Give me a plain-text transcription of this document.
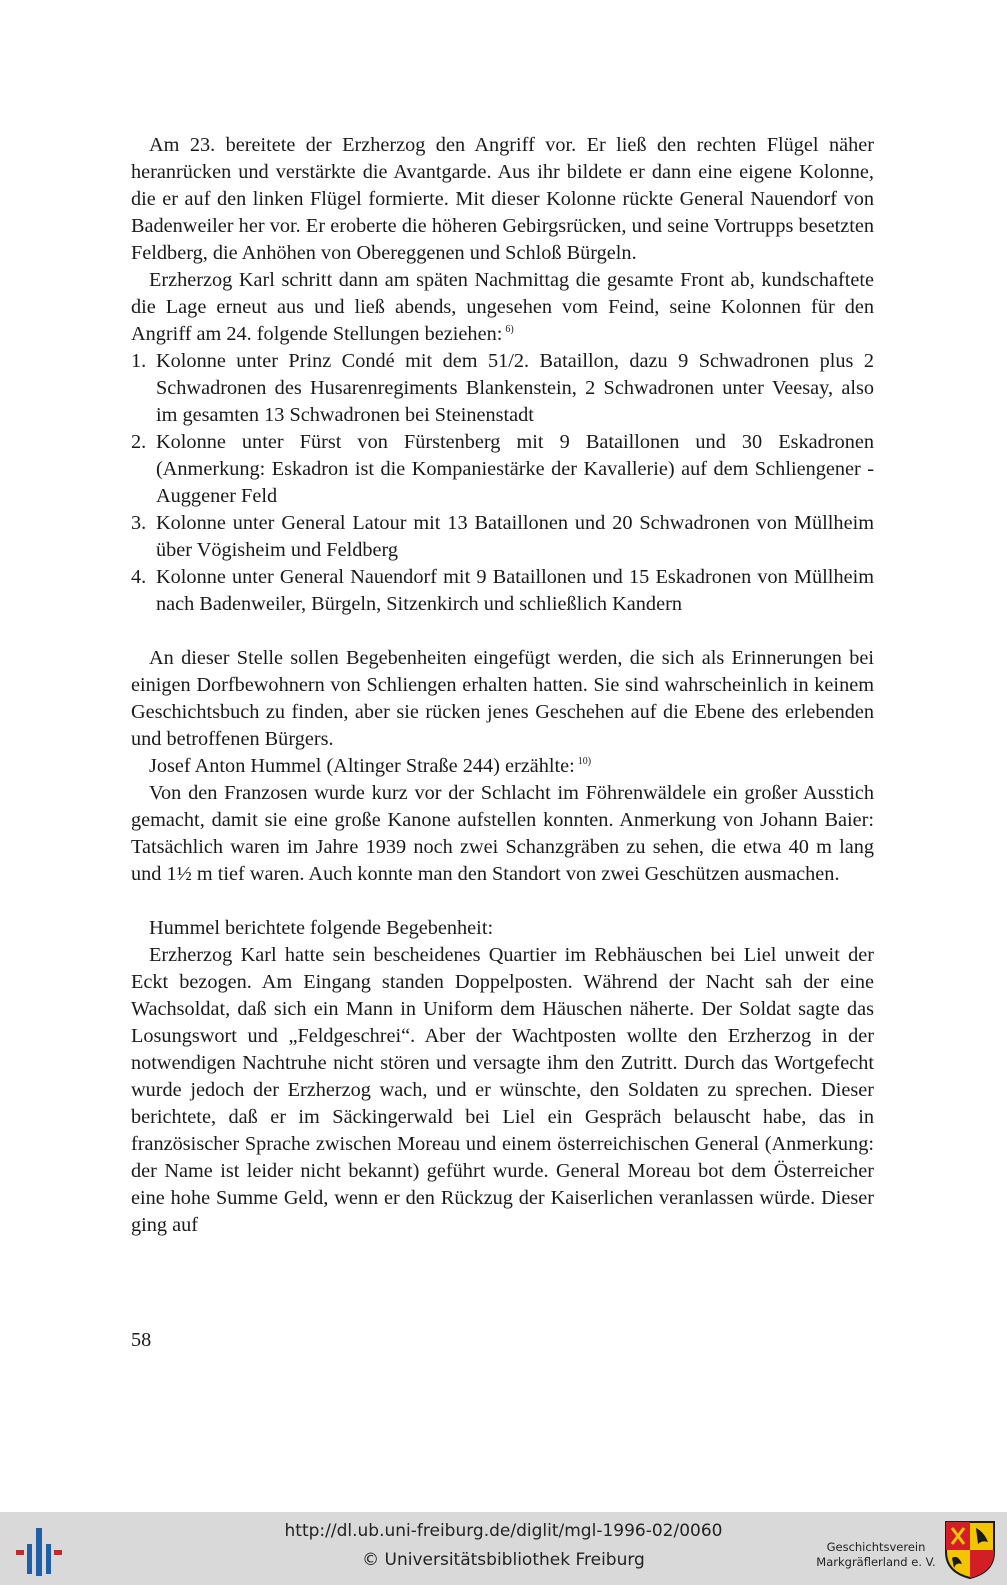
Am 23. bereitete der Erzherzog den Angriff vor. Er ließ den rechten Flügel näher heranrücken und verstärkte die Avantgarde. Aus ihr bildete er dann eine eigene Kolonne, die er auf den linken Flügel formierte. Mit dieser Kolonne rückte General Nauendorf von Badenweiler her vor. Er eroberte die höheren Gebirgsrücken, und seine Vortrupps besetzten Feldberg, die Anhöhen von Obereggenen und Schloß Bürgeln.

Erzherzog Karl schritt dann am späten Nachmittag die gesamte Front ab, kundschaftete die Lage erneut aus und ließ abends, ungesehen vom Feind, seine Kolonnen für den Angriff am 24. folgende Stellungen beziehen: $^{6)}$

1. Kolonne unter Prinz Condé mit dem 51/2. Bataillon, dazu 9 Schwadronen plus 2 Schwadronen des Husarenregiments Blankenstein, 2 Schwadronen unter Veesay, also im gesamten 13 Schwadronen bei Steinenstadt

2. Kolonne unter Fürst von Fürstenberg mit 9 Bataillonen und 30 Eskadronen (Anmerkung: Eskadron ist die Kompaniestärke der Kavallerie) auf dem Schliengener - Auggener Feld

3. Kolonne unter General Latour mit 13 Bataillonen und 20 Schwadronen von Müllheim über Vögisheim und Feldberg

4. Kolonne unter General Nauendorf mit 9 Bataillonen und 15 Eskadronen von Müllheim nach Badenweiler, Bürgeln, Sitzenkirch und schließlich Kandern

An dieser Stelle sollen Begebenheiten eingefügt werden, die sich als Erinnerungen bei einigen Dorfbewohnern von Schliengen erhalten hatten. Sie sind wahrscheinlich in keinem Geschichtsbuch zu finden, aber sie rücken jenes Geschehen auf die Ebene des erlebenden und betroffenen Bürgers.

Josef Anton Hummel (Altinger Straße 244) erzählte: $^{10)}$

Von den Franzosen wurde kurz vor der Schlacht im Föhrenwäldele ein großer Ausstich gemacht, damit sie eine große Kanone aufstellen konnten. Anmerkung von Johann Baier: Tatsächlich waren im Jahre 1939 noch zwei Schanzgräben zu sehen, die etwa 40 m lang und 1½ m tief waren. Auch konnte man den Standort von zwei Geschützen ausmachen.

Hummel berichtete folgende Begebenheit:

Erzherzog Karl hatte sein bescheidenes Quartier im Rebhäuschen bei Liel unweit der Eckt bezogen. Am Eingang standen Doppelposten. Während der Nacht sah der eine Wachsoldat, daß sich ein Mann in Uniform dem Häuschen näherte. Der Soldat sagte das Losungswort und „Feldgeschrei“. Aber der Wachtposten wollte den Erzherzog in der notwendigen Nachtruhe nicht stören und versagte ihm den Zutritt. Durch das Wortgefecht wurde jedoch der Erzherzog wach, und er wünschte, den Soldaten zu sprechen. Dieser berichtete, daß er im Säckingerwald bei Liel ein Gespräch belauscht habe, das in französischer Sprache zwischen Moreau und einem österreichischen General (Anmerkung: der Name ist leider nicht bekannt) geführt wurde. General Moreau bot dem Österreicher eine hohe Summe Geld, wenn er den Rückzug der Kaiserlichen veranlassen würde. Dieser ging auf

58
http://dl.ub.uni-freiburg.de/diglit/mgl-1996-02/0060
© Universitätsbibliothek Freiburg
Geschichtsverein
Markgräflerland e. V.
